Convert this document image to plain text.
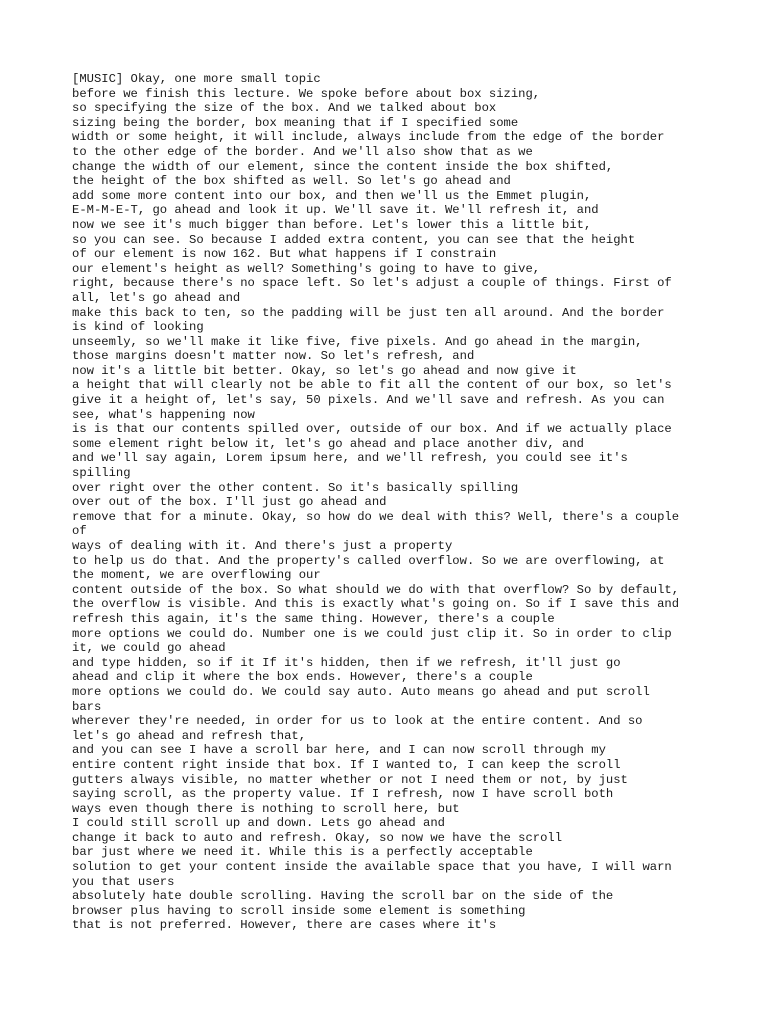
[MUSIC] Okay, one more small topic
before we finish this lecture. We spoke before about box sizing,
so specifying the size of the box. And we talked about box
sizing being the border, box meaning that if I specified some
width or some height, it will include, always include from the edge of the border
to the other edge of the border. And we'll also show that as we
change the width of our element, since the content inside the box shifted,
the height of the box shifted as well. So let's go ahead and
add some more content into our box, and then we'll us the Emmet plugin,
E-M-M-E-T, go ahead and look it up. We'll save it. We'll refresh it, and
now we see it's much bigger than before. Let's lower this a little bit,
so you can see. So because I added extra content, you can see that the height
of our element is now 162. But what happens if I constrain
our element's height as well? Something's going to have to give,
right, because there's no space left. So let's adjust a couple of things. First of
all, let's go ahead and
make this back to ten, so the padding will be just ten all around. And the border
is kind of looking
unseemly, so we'll make it like five, five pixels. And go ahead in the margin,
those margins doesn't matter now. So let's refresh, and
now it's a little bit better. Okay, so let's go ahead and now give it
a height that will clearly not be able to fit all the content of our box, so let's
give it a height of, let's say, 50 pixels. And we'll save and refresh. As you can
see, what's happening now
is is that our contents spilled over, outside of our box. And if we actually place
some element right below it, let's go ahead and place another div, and
and we'll say again, Lorem ipsum here, and we'll refresh, you could see it's
spilling
over right over the other content. So it's basically spilling
over out of the box. I'll just go ahead and
remove that for a minute. Okay, so how do we deal with this? Well, there's a couple
of
ways of dealing with it. And there's just a property
to help us do that. And the property's called overflow. So we are overflowing, at
the moment, we are overflowing our
content outside of the box. So what should we do with that overflow? So by default,
the overflow is visible. And this is exactly what's going on. So if I save this and
refresh this again, it's the same thing. However, there's a couple
more options we could do. Number one is we could just clip it. So in order to clip
it, we could go ahead
and type hidden, so if it If it's hidden, then if we refresh, it'll just go
ahead and clip it where the box ends. However, there's a couple
more options we could do. We could say auto. Auto means go ahead and put scroll
bars
wherever they're needed, in order for us to look at the entire content. And so
let's go ahead and refresh that,
and you can see I have a scroll bar here, and I can now scroll through my
entire content right inside that box. If I wanted to, I can keep the scroll
gutters always visible, no matter whether or not I need them or not, by just
saying scroll, as the property value. If I refresh, now I have scroll both
ways even though there is nothing to scroll here, but
I could still scroll up and down. Lets go ahead and
change it back to auto and refresh. Okay, so now we have the scroll
bar just where we need it. While this is a perfectly acceptable
solution to get your content inside the available space that you have, I will warn
you that users
absolutely hate double scrolling. Having the scroll bar on the side of the
browser plus having to scroll inside some element is something
that is not preferred. However, there are cases where it's
